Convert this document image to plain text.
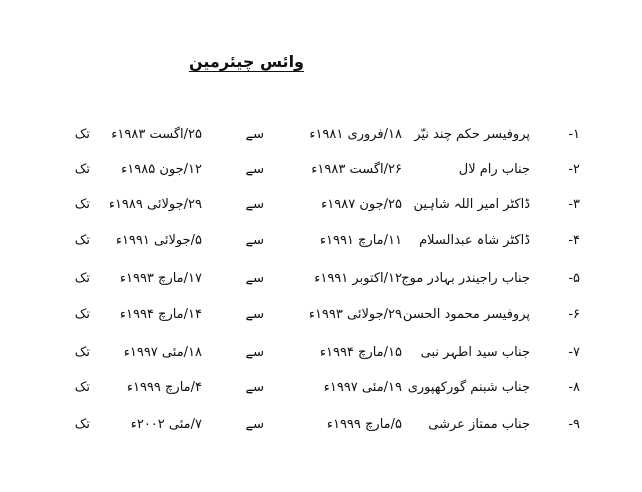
وائس چیئرمین
۱-
پروفیسر حکم چند نیّر
۱۸/فروری ۱۹۸۱ء
سے
۲۵/اگست ۱۹۸۳ء
تک
۲-
جناب رام لال
۲۶/اگست ۱۹۸۳ء
سے
۱۲/جون ۱۹۸۵ء
تک
۳-
ڈاکٹر امیر اللہ شاہین
۲۵/جون ۱۹۸۷ء
سے
۲۹/جولائی ۱۹۸۹ء
تک
۴-
ڈاکٹر شاہ عبدالسلام
۱۱/مارچ ۱۹۹۱ء
سے
۵/جولائی ۱۹۹۱ء
تک
۵-
جناب راجیندر بہادر موج
۱۲/اکتوبر ۱۹۹۱ء
سے
۱۷/مارچ ۱۹۹۳ء
تک
۶-
پروفیسر محمود الحسن
۲۹/جولائی ۱۹۹۳ء
سے
۱۴/مارچ ۱۹۹۴ء
تک
۷-
جناب سید اطہر نبی
۱۵/مارچ ۱۹۹۴ء
سے
۱۸/مئی ۱۹۹۷ء
تک
۸-
جناب شبنم گورکھپوری
۱۹/مئی ۱۹۹۷ء
سے
۴/مارچ ۱۹۹۹ء
تک
۹-
جناب ممتاز عرشی
۵/مارچ ۱۹۹۹ء
سے
۷/مئی ۲۰۰۲ء
تک
